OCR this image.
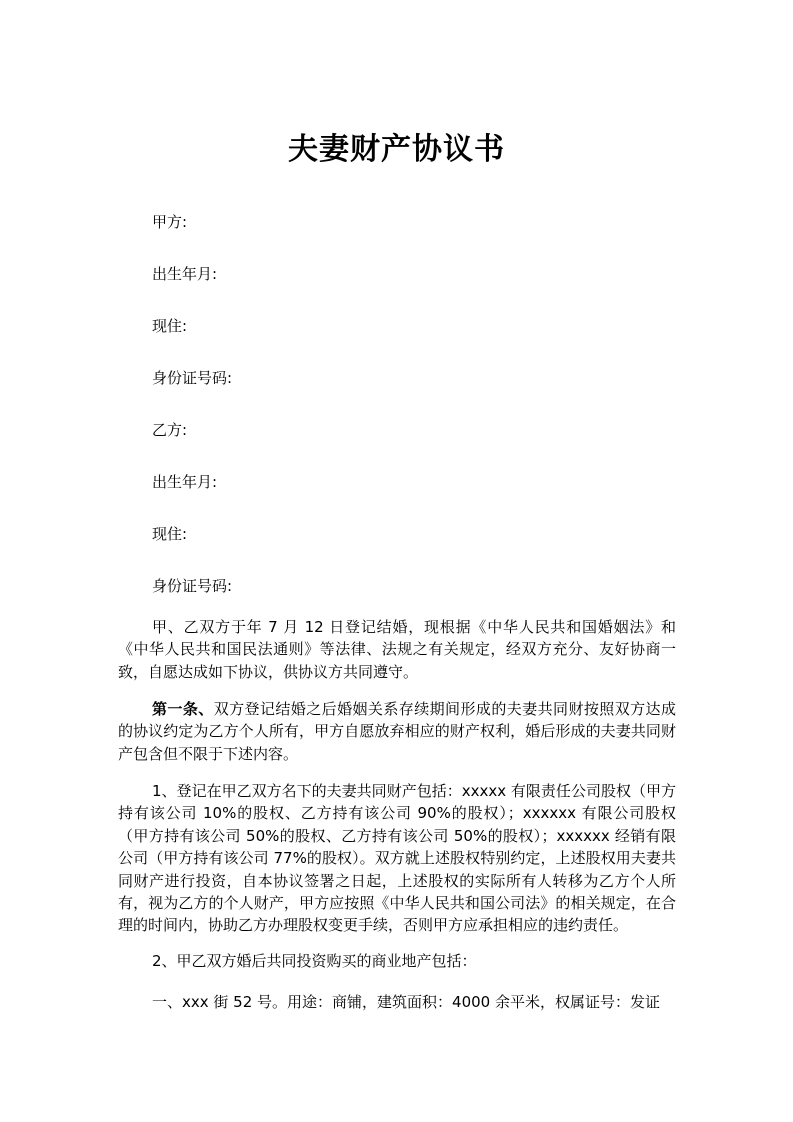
夫妻财产协议书

甲方:

出生年月:

现住:

身份证号码:

乙方:

出生年月:

现住:

身份证号码:

甲、乙双方于年 7 月 12 日登记结婚，现根据《中华人民共和国婚姻法》和《中华人民共和国民法通则》等法律、法规之有关规定，经双方充分、友好协商一致，自愿达成如下协议，供协议方共同遵守。

第一条、双方登记结婚之后婚姻关系存续期间形成的夫妻共同财按照双方达成的协议约定为乙方个人所有，甲方自愿放弃相应的财产权利，婚后形成的夫妻共同财产包含但不限于下述内容。

1、登记在甲乙双方名下的夫妻共同财产包括：xxxxx 有限责任公司股权（甲方持有该公司 10%的股权、乙方持有该公司 90%的股权）；xxxxxx 有限公司股权（甲方持有该公司 50%的股权、乙方持有该公司 50%的股权）；xxxxxx 经销有限公司（甲方持有该公司 77%的股权）。双方就上述股权特别约定，上述股权用夫妻共同财产进行投资，自本协议签署之日起，上述股权的实际所有人转移为乙方个人所有，视为乙方的个人财产，甲方应按照《中华人民共和国公司法》的相关规定，在合理的时间内，协助乙方办理股权变更手续，否则甲方应承担相应的违约责任。

2、甲乙双方婚后共同投资购买的商业地产包括：

一、xxx 街 52 号。用途：商铺，建筑面积：4000 余平米，权属证号：发证
